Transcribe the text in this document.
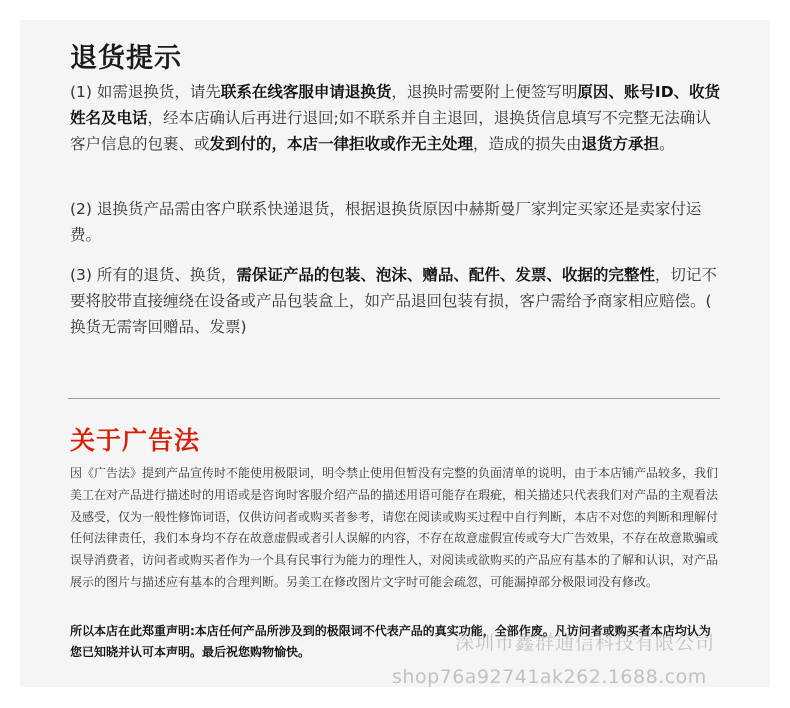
退货提示
(1) 如需退换货，请先联系在线客服申请退换货，退换时需要附上便签写明原因、账号ID、收货姓名及电话，经本店确认后再进行退回;如不联系并自主退回，退换货信息填写不完整无法确认客户信息的包裹、或发到付的，本店一律拒收或作无主处理，造成的损失由退货方承担。
(2) 退换货产品需由客户联系快递退货，根据退换货原因中赫斯曼厂家判定买家还是卖家付运费。
(3) 所有的退货、换货，需保证产品的包装、泡沫、赠品、配件、发票、收据的完整性，切记不要将胶带直接缠绕在设备或产品包装盒上，如产品退回包装有损，客户需给予商家相应赔偿。( 换货无需寄回赠品、发票)
关于广告法
因《广告法》提到产品宣传时不能使用极限词，明令禁止使用但暂没有完整的负面清单的说明，由于本店铺产品较多，我们美工在对产品进行描述时的用语或是咨询时客服介绍产品的描述用语可能存在瑕疵，相关描述只代表我们对产品的主观看法及感受，仅为一般性修饰词语，仅供访问者或购买者参考，请您在阅读或购买过程中自行判断，本店不对您的判断和理解付任何法律责任，我们本身均不存在故意虚假或者引人误解的内容，不存在故意虚假宣传或夸大广告效果，不存在故意欺骗或误导消费者，访问者或购买者作为一个具有民事行为能力的理性人，对阅读或欲购买的产品应有基本的了解和认识，对产品展示的图片与描述应有基本的合理判断。另美工在修改图片文字时可能会疏忽，可能漏掉部分极限词没有修改。
所以本店在此郑重声明:本店任何产品所涉及到的极限词不代表产品的真实功能，全部作废。凡访问者或购买者本店均认为您已知晓并认可本声明。最后祝您购物愉快。	深圳市鑫群通信科技有限公司
shop76a92741ak262.1688.com
